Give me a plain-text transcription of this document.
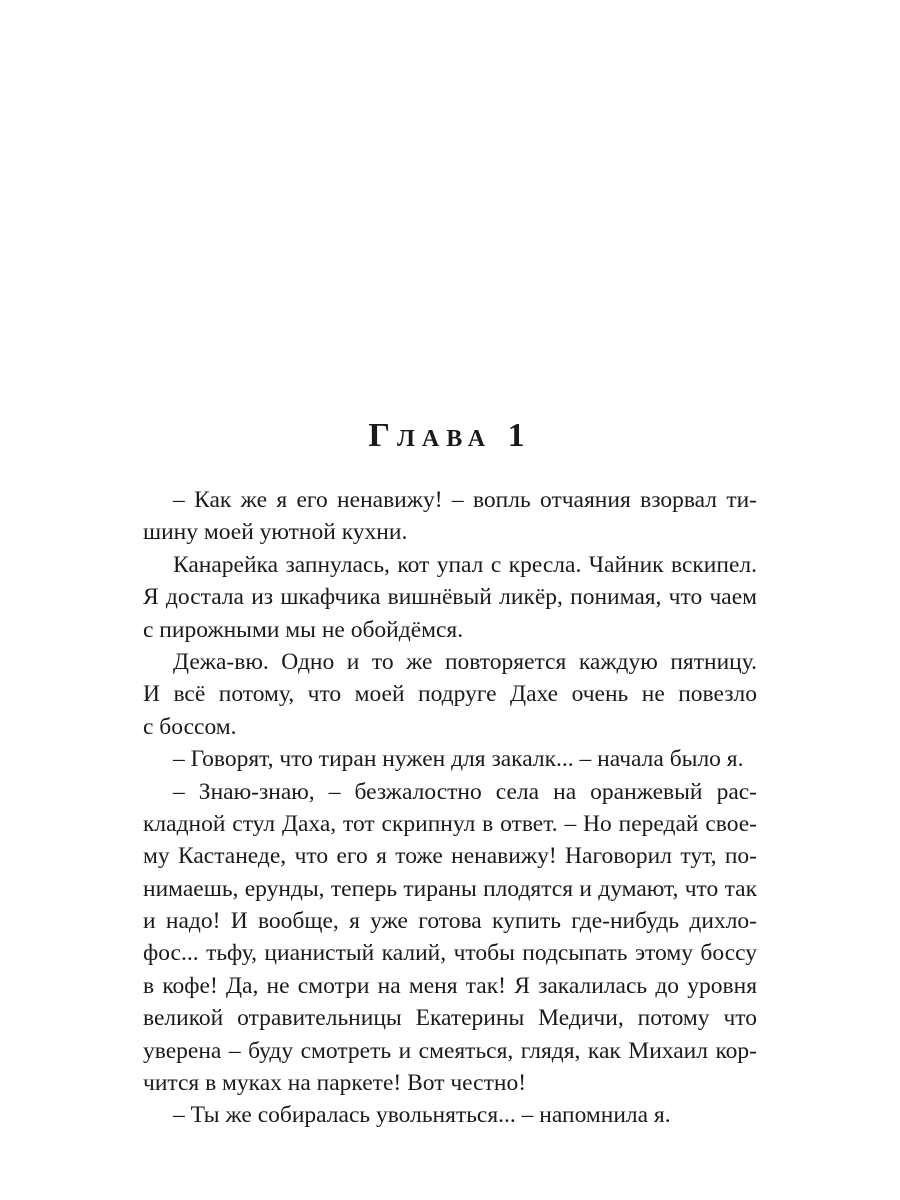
Глава 1
– Как же я его ненавижу! – вопль отчаяния взорвал ти-
шину моей уютной кухни.
Канарейка запнулась, кот упал с кресла. Чайник вскипел.
Я достала из шкафчика вишнёвый ликёр, понимая, что чаем
с пирожными мы не обойдёмся.
Дежа-вю. Одно и то же повторяется каждую пятницу.
И всё потому, что моей подруге Дахе очень не повезло
с боссом.
– Говорят, что тиран нужен для закалк... – начала было я.
– Знаю-знаю, – безжалостно села на оранжевый рас-
кладной стул Даха, тот скрипнул в ответ. – Но передай свое-
му Кастанеде, что его я тоже ненавижу! Наговорил тут, по-
нимаешь, ерунды, теперь тираны плодятся и думают, что так
и надо! И вообще, я уже готова купить где-нибудь дихло-
фос... тьфу, цианистый калий, чтобы подсыпать этому боссу
в кофе! Да, не смотри на меня так! Я закалилась до уровня
великой отравительницы Екатерины Медичи, потому что
уверена – буду смотреть и смеяться, глядя, как Михаил кор-
чится в муках на паркете! Вот честно!
– Ты же собиралась увольняться... – напомнила я.
